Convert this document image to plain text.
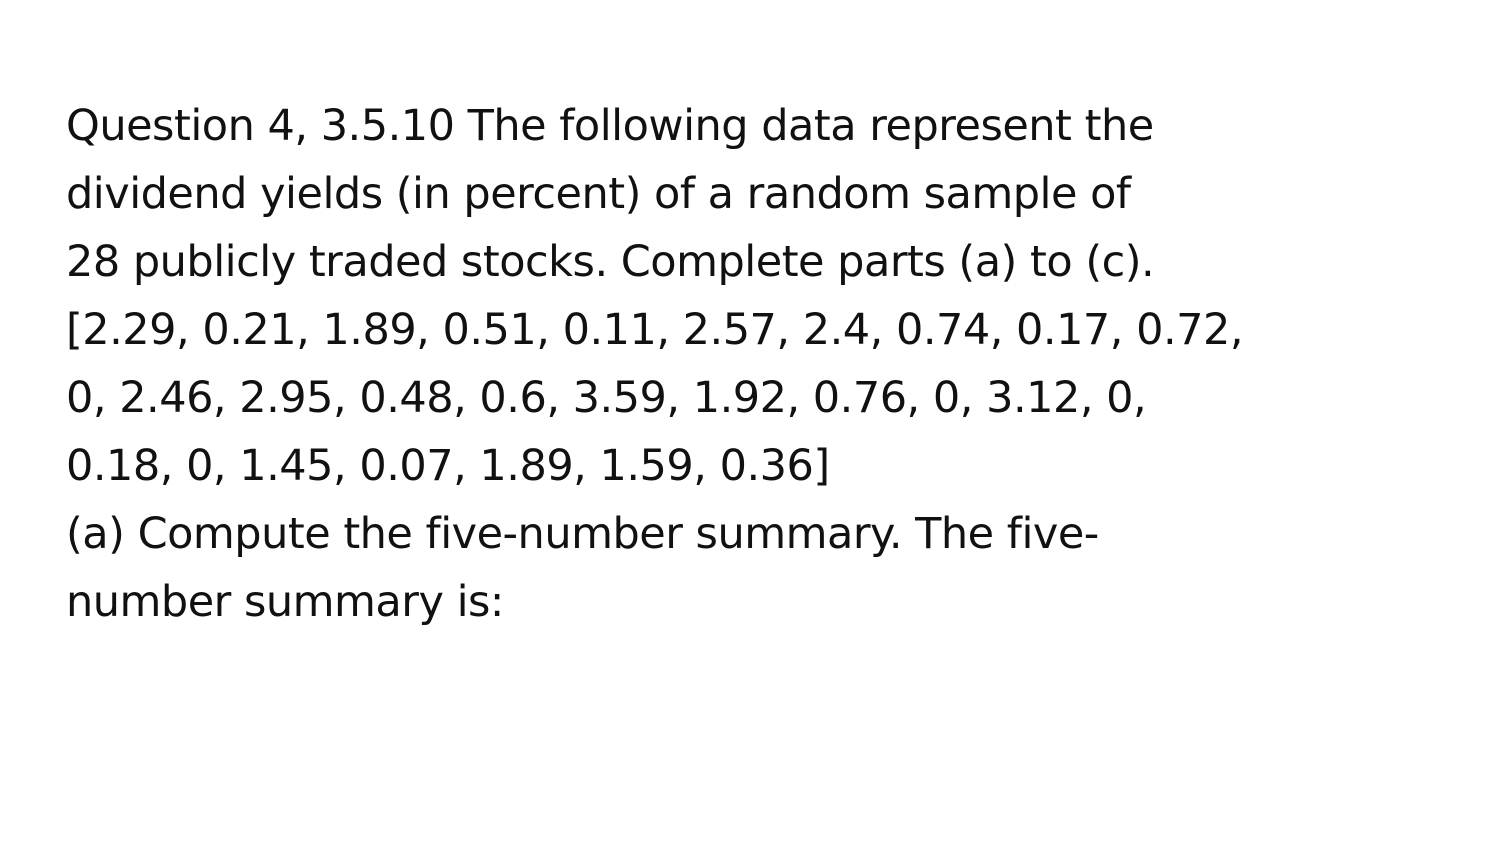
Question 4, 3.5.10 The following data represent the
dividend yields (in percent) of a random sample of
28 publicly traded stocks. Complete parts (a) to (c).
[2.29, 0.21, 1.89, 0.51, 0.11, 2.57, 2.4, 0.74, 0.17, 0.72,
0, 2.46, 2.95, 0.48, 0.6, 3.59, 1.92, 0.76, 0, 3.12, 0,
0.18, 0, 1.45, 0.07, 1.89, 1.59, 0.36]
(a) Compute the five-number summary. The five-
number summary is:
